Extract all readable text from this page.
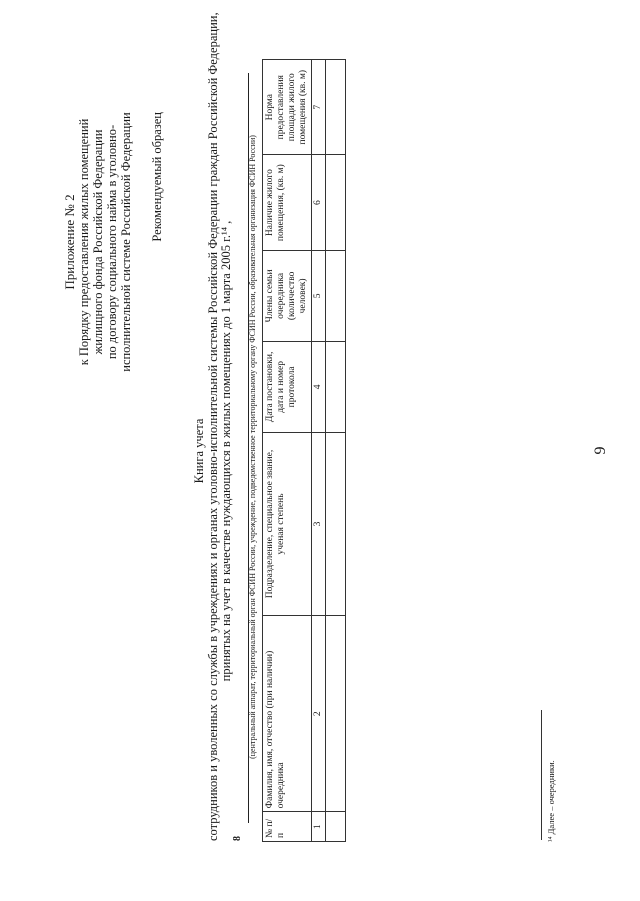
9
Приложение № 2 к Порядку предоставления жилых помещений жилищного фонда Российской Федерации по договору социального найма в уголовно- исполнительной системе Российской Федерации Рекомендуемый образец
Книга учета сотрудников и уволенных со службы в учреждениях и органах уголовно-исполнительной системы Российской Федерации граждан Российской Федерации, принятых на учет в качестве нуждающихся в жилых помещениях до 1 марта 2005 г.¹⁴ ,
8
(центральный аппарат, территориальный орган ФСИН России, учреждение, подведомственное территориальному органу ФСИН России, образовательная организация ФСИН России)
№ п/п	Фамилия, имя, отчество (при наличии) очередника	Подразделение, специальное звание, ученая степень	Дата постановки, дата и номер протокола	Члены семьи очередника (количество человек)	Наличие жилого помещения, (кв. м)	Норма предоставления площади жилого помещения (кв. м)
1	2	3	4	5	6	7

¹⁴ Далее – очередники.
